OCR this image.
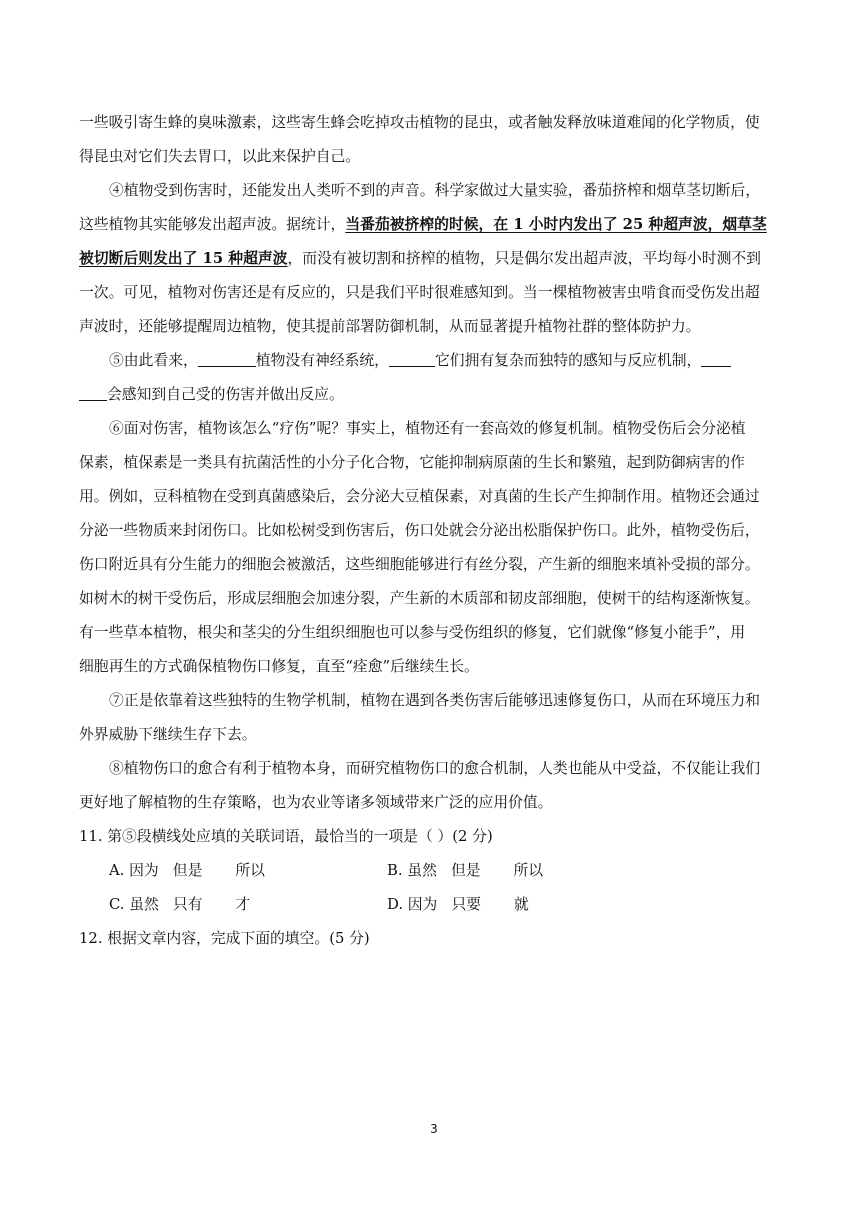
一些吸引寄生蜂的臭味激素，这些寄生蜂会吃掉攻击植物的昆虫，或者触发释放味道难闻的化学物质，使
得昆虫对它们失去胃口，以此来保护自己。
④植物受到伤害时，还能发出人类听不到的声音。科学家做过大量实验，番茄挤榨和烟草茎切断后，
这些植物其实能够发出超声波。据统计， 当番茄被挤榨的时候，在 1 小时内发出了 25 种超声波，烟草茎
被切断后则发出了 15 种超声波 ，而没有被切割和挤榨的植物，只是偶尔发出超声波，平均每小时测不到
一次。可见，植物对伤害还是有反应的，只是我们平时很难感知到。当一棵植物被害虫啃食而受伤发出超
声波时，还能够提醒周边植物，使其提前部署防御机制，从而显著提升植物社群的整体防护力。
⑤由此看来，	植物没有神经系统，	它们拥有复杂而独特的感知与反应机制，
会感知到自己受的伤害并做出反应。
⑥面对伤害，植物该怎么“疗伤”呢？事实上，植物还有一套高效的修复机制。植物受伤后会分泌植
保素，植保素是一类具有抗菌活性的小分子化合物，它能抑制病原菌的生长和繁殖，起到防御病害的作
用。例如，豆科植物在受到真菌感染后，会分泌大豆植保素，对真菌的生长产生抑制作用。植物还会通过
分泌一些物质来封闭伤口。比如松树受到伤害后，伤口处就会分泌出松脂保护伤口。此外，植物受伤后，
伤口附近具有分生能力的细胞会被激活，这些细胞能够进行有丝分裂，产生新的细胞来填补受损的部分。
如树木的树干受伤后，形成层细胞会加速分裂，产生新的木质部和韧皮部细胞，使树干的结构逐渐恢复。
有一些草本植物，根尖和茎尖的分生组织细胞也可以参与受伤组织的修复，它们就像“修复小能手”，用
细胞再生的方式确保植物伤口修复，直至“痊愈”后继续生长。
⑦正是依靠着这些独特的生物学机制，植物在遇到各类伤害后能够迅速修复伤口，从而在环境压力和
外界威胁下继续生存下去。
⑧植物伤口的愈合有利于植物本身，而研究植物伤口的愈合机制，人类也能从中受益，不仅能让我们
更好地了解植物的生存策略，也为农业等诸多领域带来广泛的应用价值。
11. 第⑤段横线处应填的关联词语，最恰当的一项是（ ）(2 分)
A. 因为   但是       所以	B. 虽然   但是       所以
C. 虽然   只有       才	D. 因为   只要       就
12. 根据文章内容，完成下面的填空。(5 分)
3
